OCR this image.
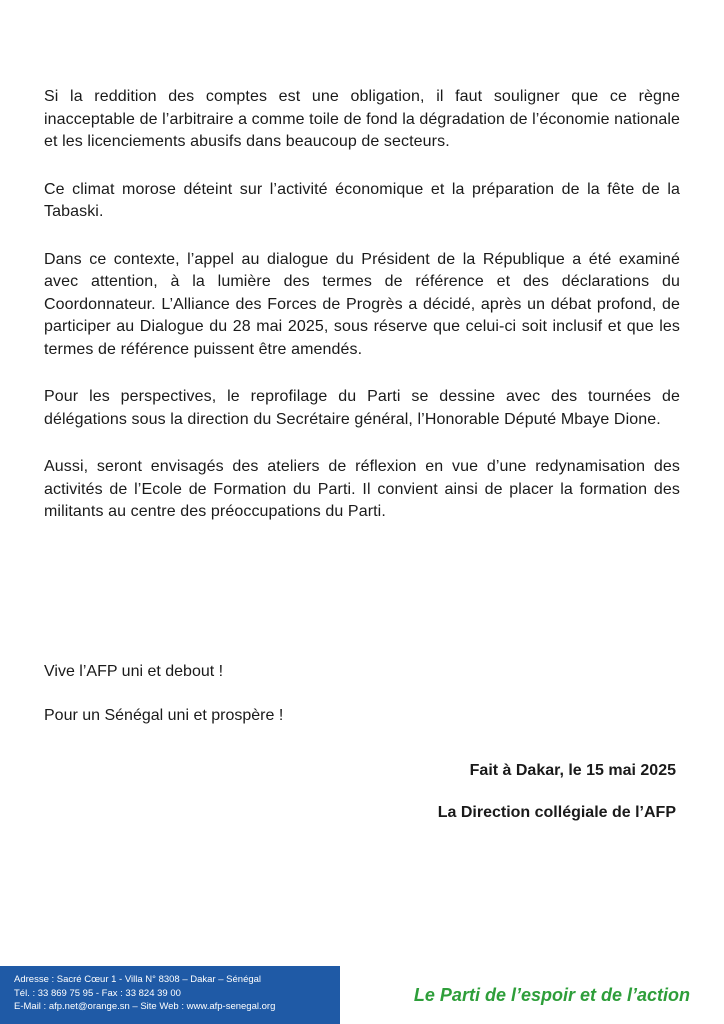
Si la reddition des comptes est une obligation, il faut souligner que ce règne inacceptable de l’arbitraire a comme toile de fond la dégradation de l’économie nationale et les licenciements abusifs dans beaucoup de secteurs.

Ce climat morose déteint sur l’activité économique et la préparation de la fête de la Tabaski.

Dans ce contexte, l’appel au dialogue du Président de la République a été examiné avec attention, à la lumière des termes de référence et des déclarations du Coordonnateur. L’Alliance des Forces de Progrès a décidé, après un débat profond, de participer au Dialogue du 28 mai 2025, sous réserve que celui-ci soit inclusif et que les termes de référence puissent être amendés.

Pour les perspectives, le reprofilage du Parti se dessine avec des tournées de délégations sous la direction du Secrétaire général, l’Honorable Député Mbaye Dione.

Aussi, seront envisagés des ateliers de réflexion en vue d’une redynamisation des activités de l’Ecole de Formation du Parti. Il convient ainsi de placer la formation des militants au centre des préoccupations du Parti.

Vive l’AFP uni et debout !

Pour un Sénégal uni et prospère !

Fait à Dakar, le 15 mai 2025

La Direction collégiale de l’AFP

Adresse : Sacré Cœur 1 - Villa N° 8308 – Dakar – Sénégal
Tél. : 33 869 75 95 - Fax : 33 824 39 00
E-Mail : afp.net@orange.sn – Site Web : www.afp-senegal.org

Le Parti de l’espoir et de l’action
